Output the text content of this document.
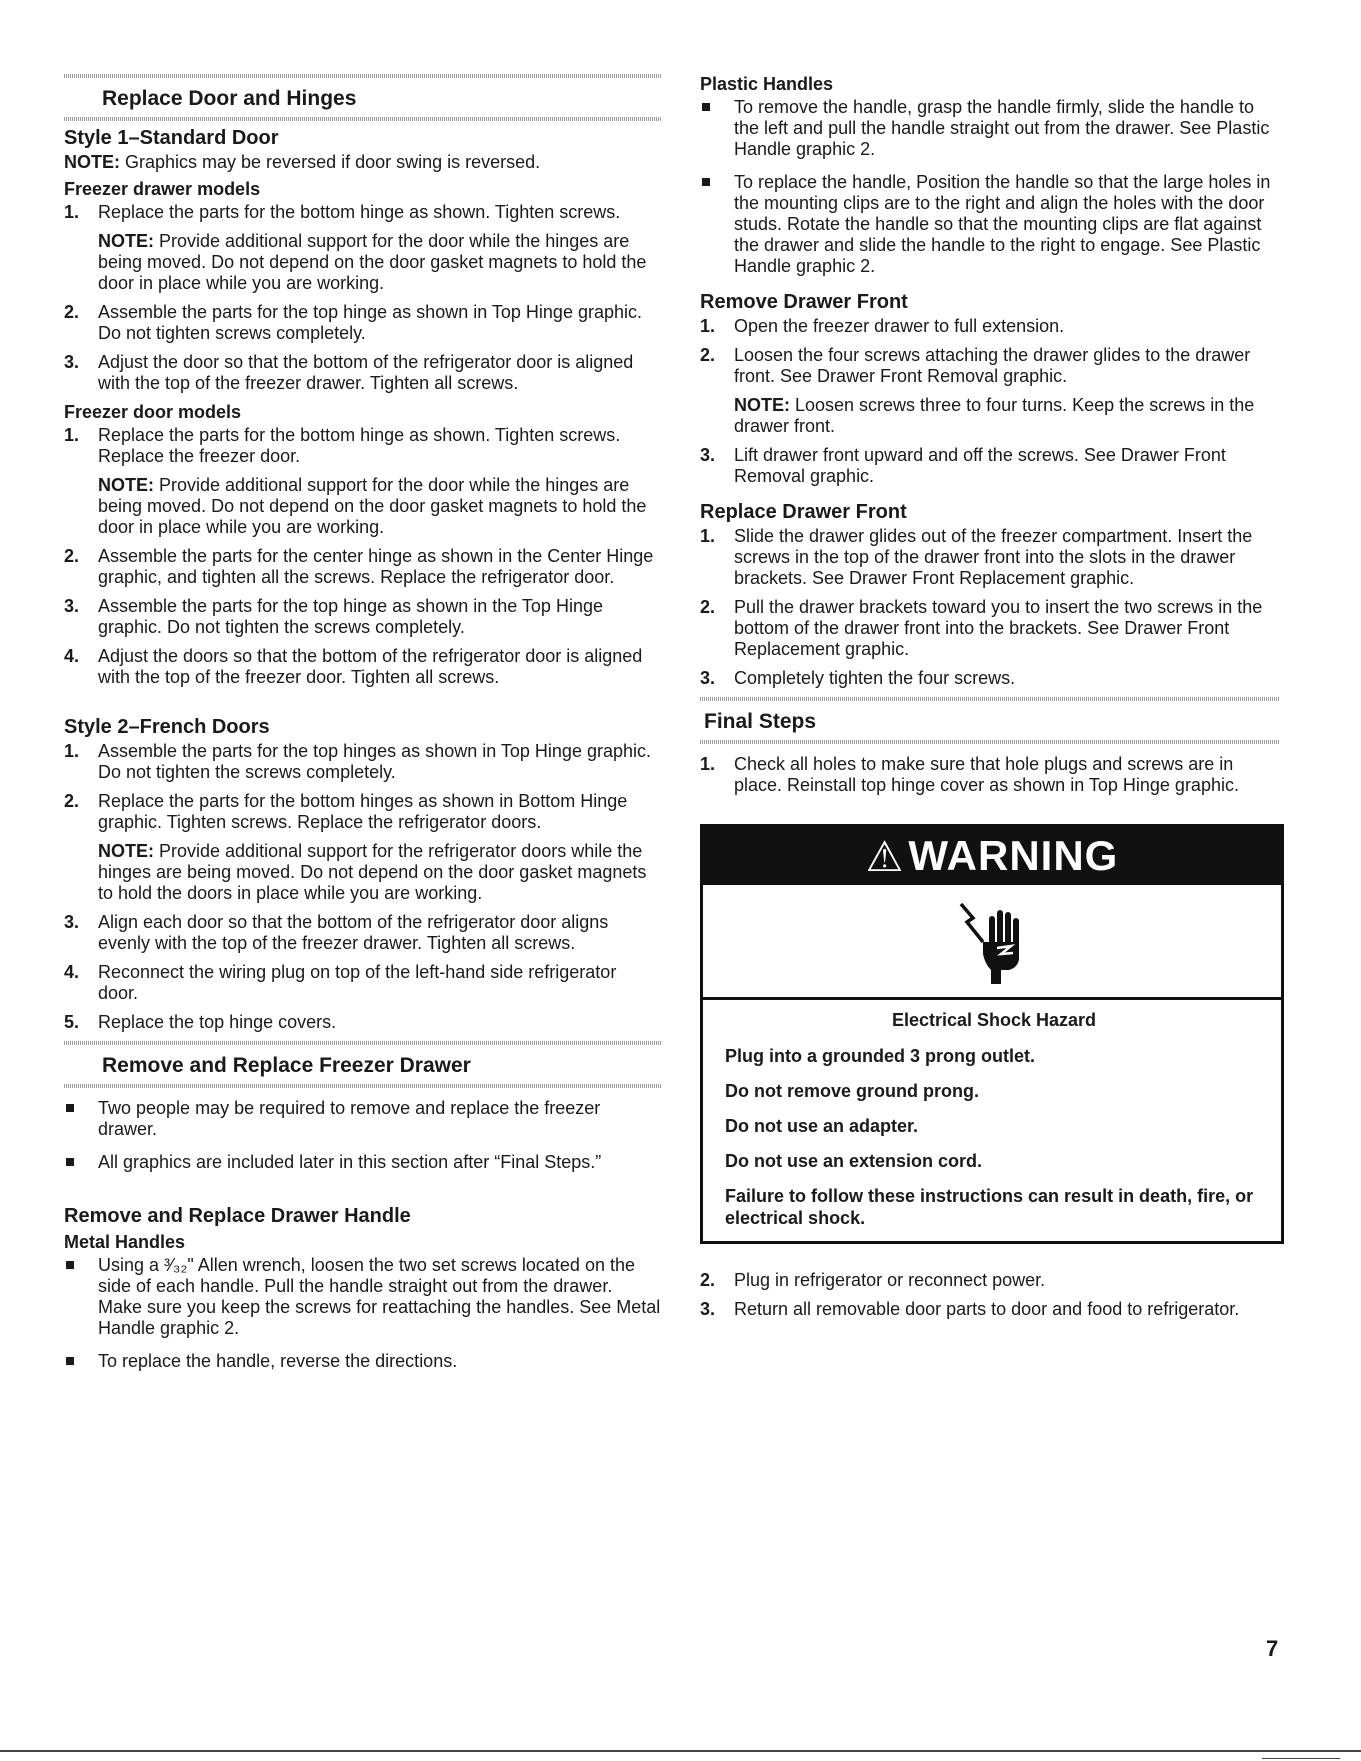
Replace Door and Hinges
Style 1–Standard Door

NOTE: Graphics may be reversed if door swing is reversed.

Freezer drawer models
1. Replace the parts for the bottom hinge as shown. Tighten screws.
NOTE: Provide additional support for the door while the hinges are being moved. Do not depend on the door gasket magnets to hold the door in place while you are working.
2. Assemble the parts for the top hinge as shown in Top Hinge graphic. Do not tighten screws completely.
3. Adjust the door so that the bottom of the refrigerator door is aligned with the top of the freezer drawer. Tighten all screws.
Freezer door models
1. Replace the parts for the bottom hinge as shown. Tighten screws. Replace the freezer door.
NOTE: Provide additional support for the door while the hinges are being moved. Do not depend on the door gasket magnets to hold the door in place while you are working.
2. Assemble the parts for the center hinge as shown in the Center Hinge graphic, and tighten all the screws. Replace the refrigerator door.
3. Assemble the parts for the top hinge as shown in the Top Hinge graphic. Do not tighten the screws completely.
4. Adjust the doors so that the bottom of the refrigerator door is aligned with the top of the freezer door. Tighten all screws.
Style 2–French Doors
1. Assemble the parts for the top hinges as shown in Top Hinge graphic. Do not tighten the screws completely.
2. Replace the parts for the bottom hinges as shown in Bottom Hinge graphic. Tighten screws. Replace the refrigerator doors.
NOTE: Provide additional support for the refrigerator doors while the hinges are being moved. Do not depend on the door gasket magnets to hold the doors in place while you are working.
3. Align each door so that the bottom of the refrigerator door aligns evenly with the top of the freezer drawer. Tighten all screws.
4. Reconnect the wiring plug on top of the left-hand side refrigerator door.
5. Replace the top hinge covers.
Remove and Replace Freezer Drawer
Two people may be required to remove and replace the freezer drawer.
All graphics are included later in this section after “Final Steps.”
Remove and Replace Drawer Handle
Metal Handles
Using a ³⁄₃₂" Allen wrench, loosen the two set screws located on the side of each handle. Pull the handle straight out from the drawer. Make sure you keep the screws for reattaching the handles. See Metal Handle graphic 2.
To replace the handle, reverse the directions.
Plastic Handles
To remove the handle, grasp the handle firmly, slide the handle to the left and pull the handle straight out from the drawer. See Plastic Handle graphic 2.
To replace the handle, Position the handle so that the large holes in the mounting clips are to the right and align the holes with the door studs. Rotate the handle so that the mounting clips are flat against the drawer and slide the handle to the right to engage. See Plastic Handle graphic 2.
Remove Drawer Front
1. Open the freezer drawer to full extension.
2. Loosen the four screws attaching the drawer glides to the drawer front. See Drawer Front Removal graphic.
NOTE: Loosen screws three to four turns. Keep the screws in the drawer front.
3. Lift drawer front upward and off the screws. See Drawer Front Removal graphic.
Replace Drawer Front
1. Slide the drawer glides out of the freezer compartment. Insert the screws in the top of the drawer front into the slots in the drawer brackets. See Drawer Front Replacement graphic.
2. Pull the drawer brackets toward you to insert the two screws in the bottom of the drawer front into the brackets. See Drawer Front Replacement graphic.
3. Completely tighten the four screws.
Final Steps
1. Check all holes to make sure that hole plugs and screws are in place. Reinstall top hinge cover as shown in Top Hinge graphic.
⚠ WARNING
Electrical Shock Hazard

Plug into a grounded 3 prong outlet.

Do not remove ground prong.

Do not use an adapter.

Do not use an extension cord.

Failure to follow these instructions can result in death, fire, or electrical shock.

2. Plug in refrigerator or reconnect power.
3. Return all removable door parts to door and food to refrigerator.
7
